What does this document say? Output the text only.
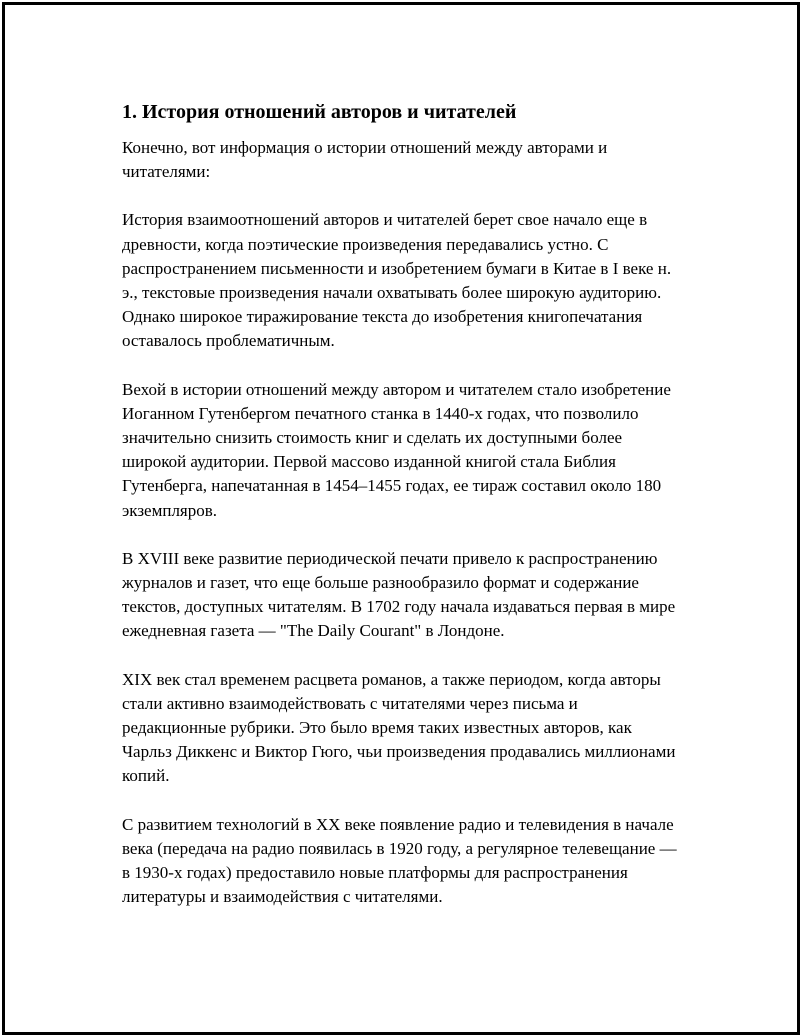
1. История отношений авторов и читателей

Конечно, вот информация о истории отношений между авторами и читателями:

История взаимоотношений авторов и читателей берет свое начало еще в древности, когда поэтические произведения передавались устно. С распространением письменности и изобретением бумаги в Китае в I веке н. э., текстовые произведения начали охватывать более широкую аудиторию. Однако широкое тиражирование текста до изобретения книгопечатания оставалось проблематичным.

Вехой в истории отношений между автором и читателем стало изобретение Иоганном Гутенбергом печатного станка в 1440-х годах, что позволило значительно снизить стоимость книг и сделать их доступными более широкой аудитории. Первой массово изданной книгой стала Библия Гутенберга, напечатанная в 1454–1455 годах, ее тираж составил около 180 экземпляров.

В XVIII веке развитие периодической печати привело к распространению журналов и газет, что еще больше разнообразило формат и содержание текстов, доступных читателям. В 1702 году начала издаваться первая в мире ежедневная газета — "The Daily Courant" в Лондоне.

XIX век стал временем расцвета романов, а также периодом, когда авторы стали активно взаимодействовать с читателями через письма и редакционные рубрики. Это было время таких известных авторов, как Чарльз Диккенс и Виктор Гюго, чьи произведения продавались миллионами копий.

С развитием технологий в XX веке появление радио и телевидения в начале века (передача на радио появилась в 1920 году, а регулярное телевещание — в 1930-х годах) предоставило новые платформы для распространения литературы и взаимодействия с читателями.
